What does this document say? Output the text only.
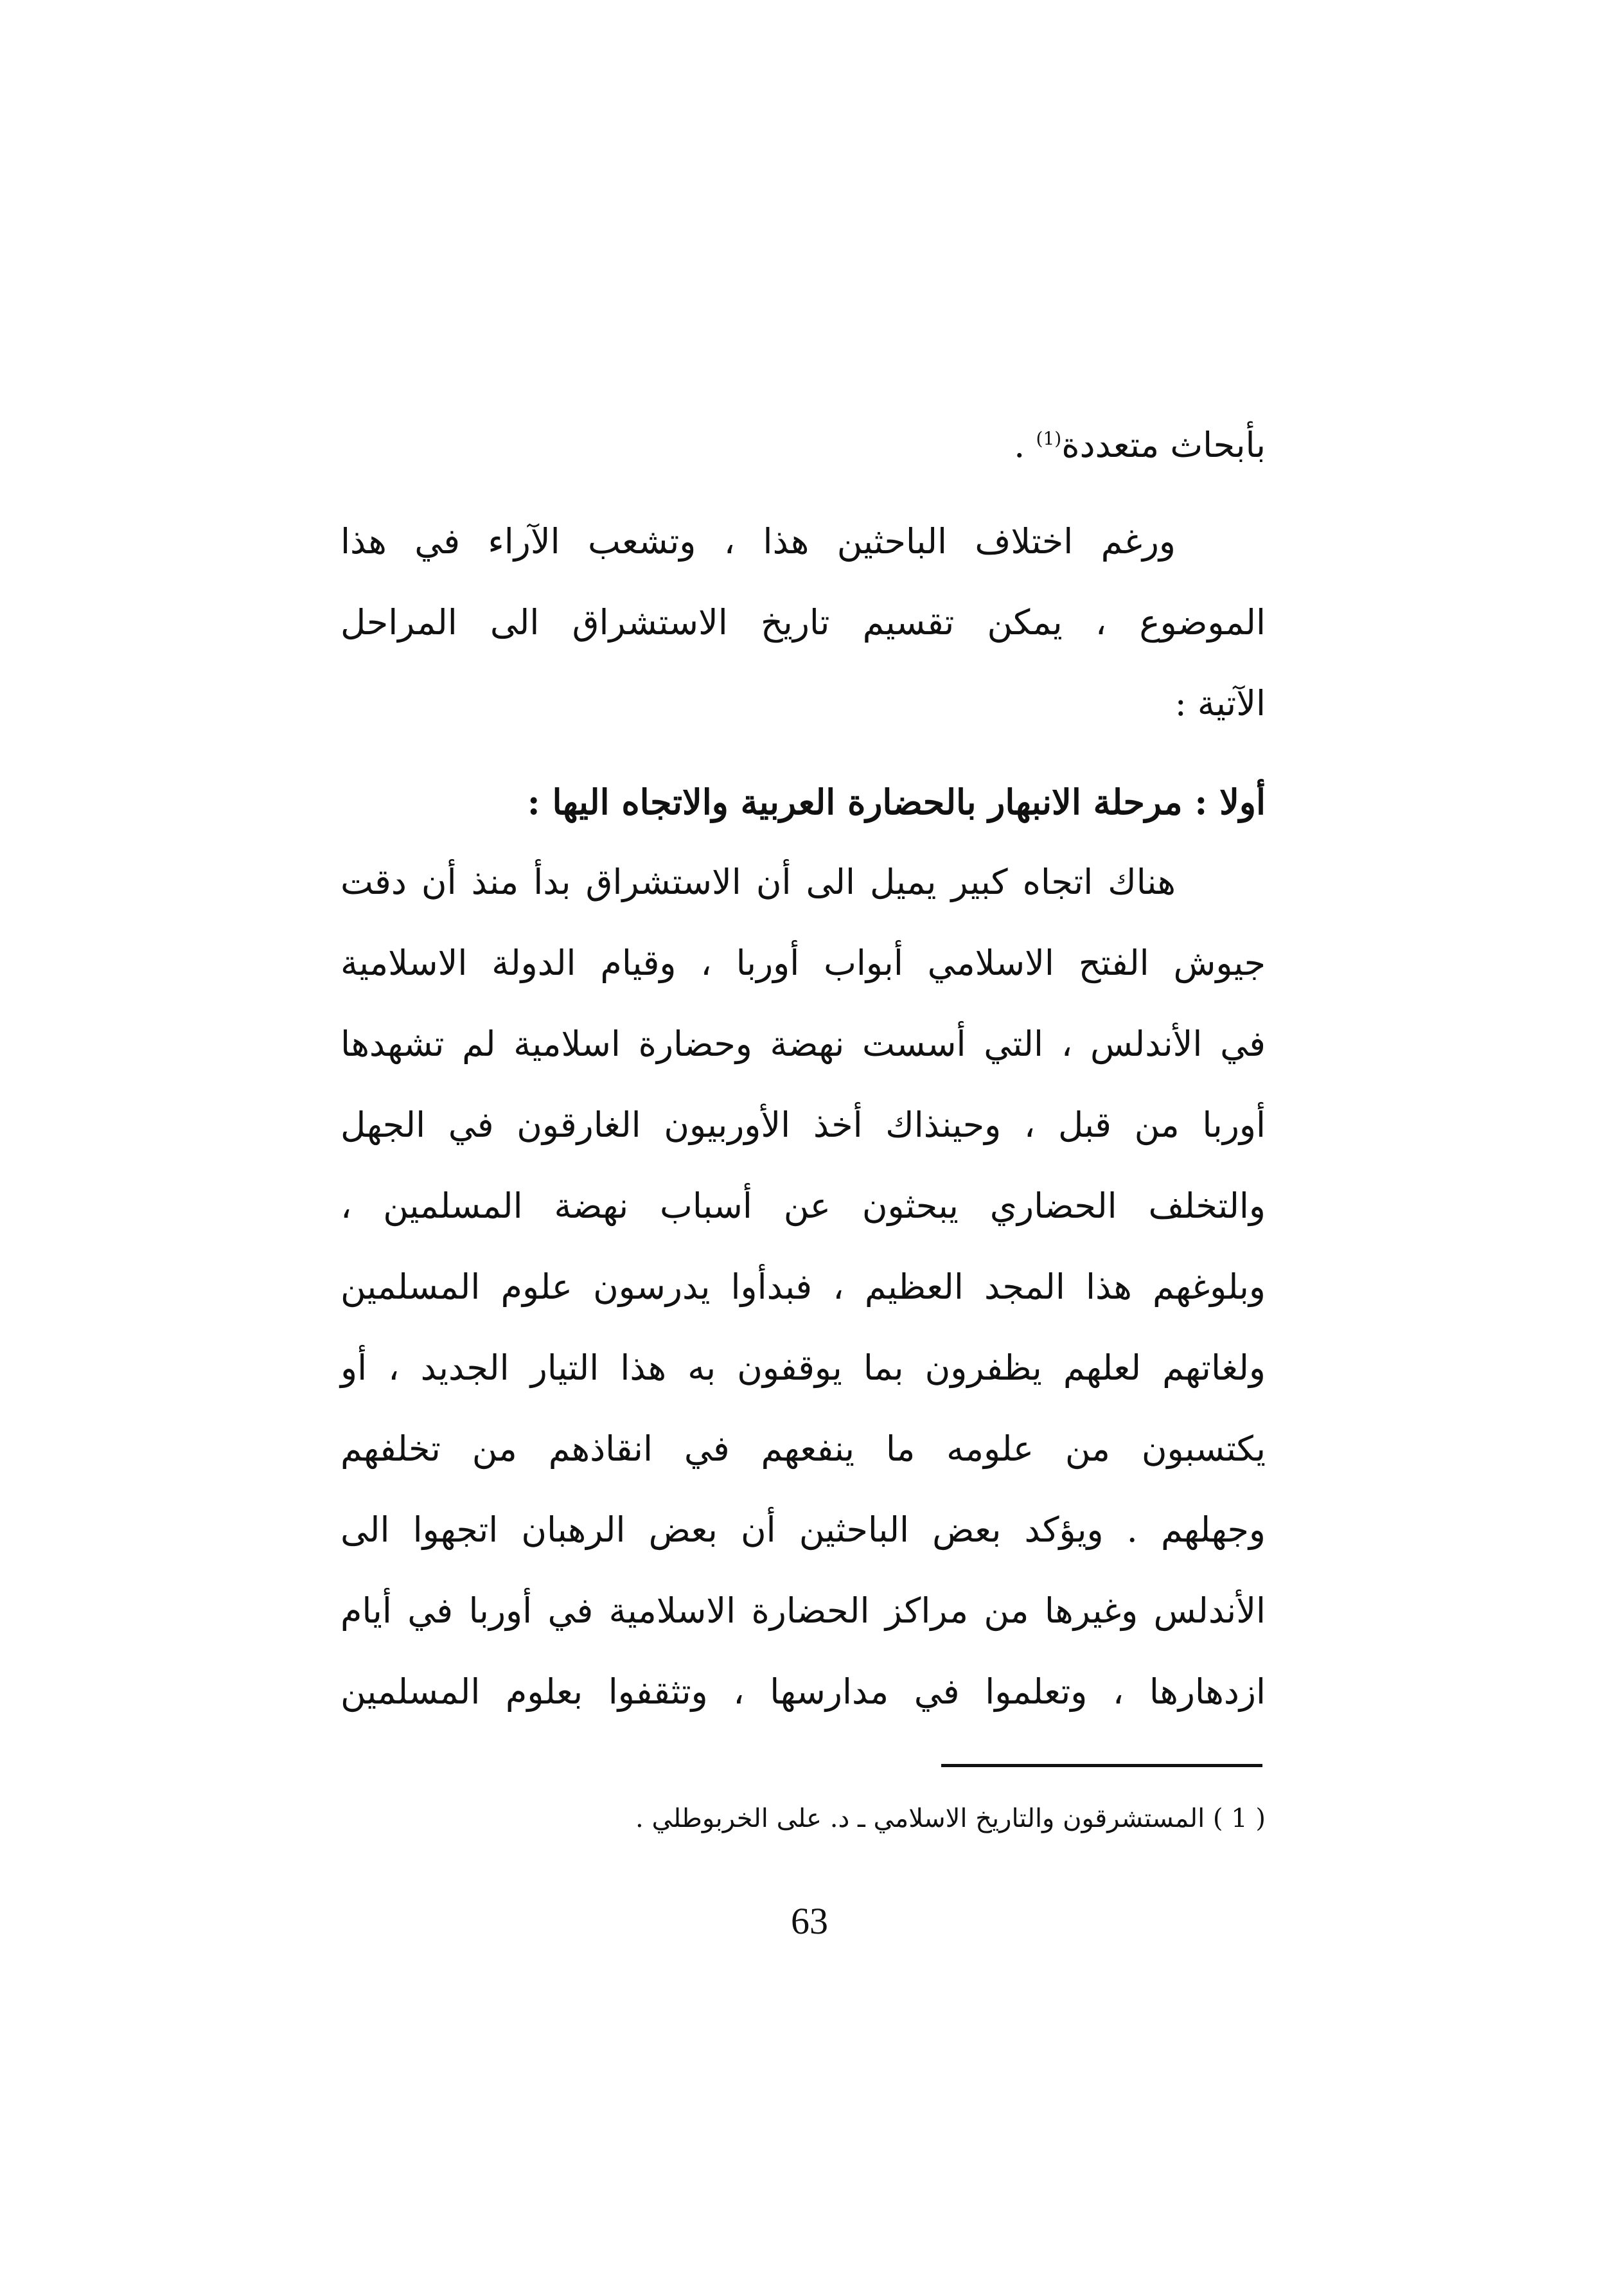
بأبحاث متعددة$^{(1)}$ .
ورغم اختلاف الباحثين هذا ، وتشعب الآراء في هذا
الموضوع ، يمكن تقسيم تاريخ الاستشراق الى المراحل
الآتية :
أولا : مرحلة الانبهار بالحضارة العربية والاتجاه اليها :
هناك اتجاه كبير يميل الى أن الاستشراق بدأ منذ أن دقت
جيوش الفتح الاسلامي أبواب أوربا ، وقيام الدولة الاسلامية
في الأندلس ، التي أسست نهضة وحضارة اسلامية لم تشهدها
أوربا من قبل ، وحينذاك أخذ الأوربيون الغارقون في الجهل
والتخلف الحضاري يبحثون عن أسباب نهضة المسلمين ،
وبلوغهم هذا المجد العظيم ، فبدأوا يدرسون علوم المسلمين
ولغاتهم لعلهم يظفرون بما يوقفون به هذا التيار الجديد ، أو
يكتسبون من علومه ما ينفعهم في انقاذهم من تخلفهم
وجهلهم . ويؤكد بعض الباحثين أن بعض الرهبان اتجهوا الى
الأندلس وغيرها من مراكز الحضارة الاسلامية في أوربا في أيام
ازدهارها ، وتعلموا في مدارسها ، وتثقفوا بعلوم المسلمين
( 1 ) المستشرقون والتاريخ الاسلامي ـ د. على الخربوطلي .
63
